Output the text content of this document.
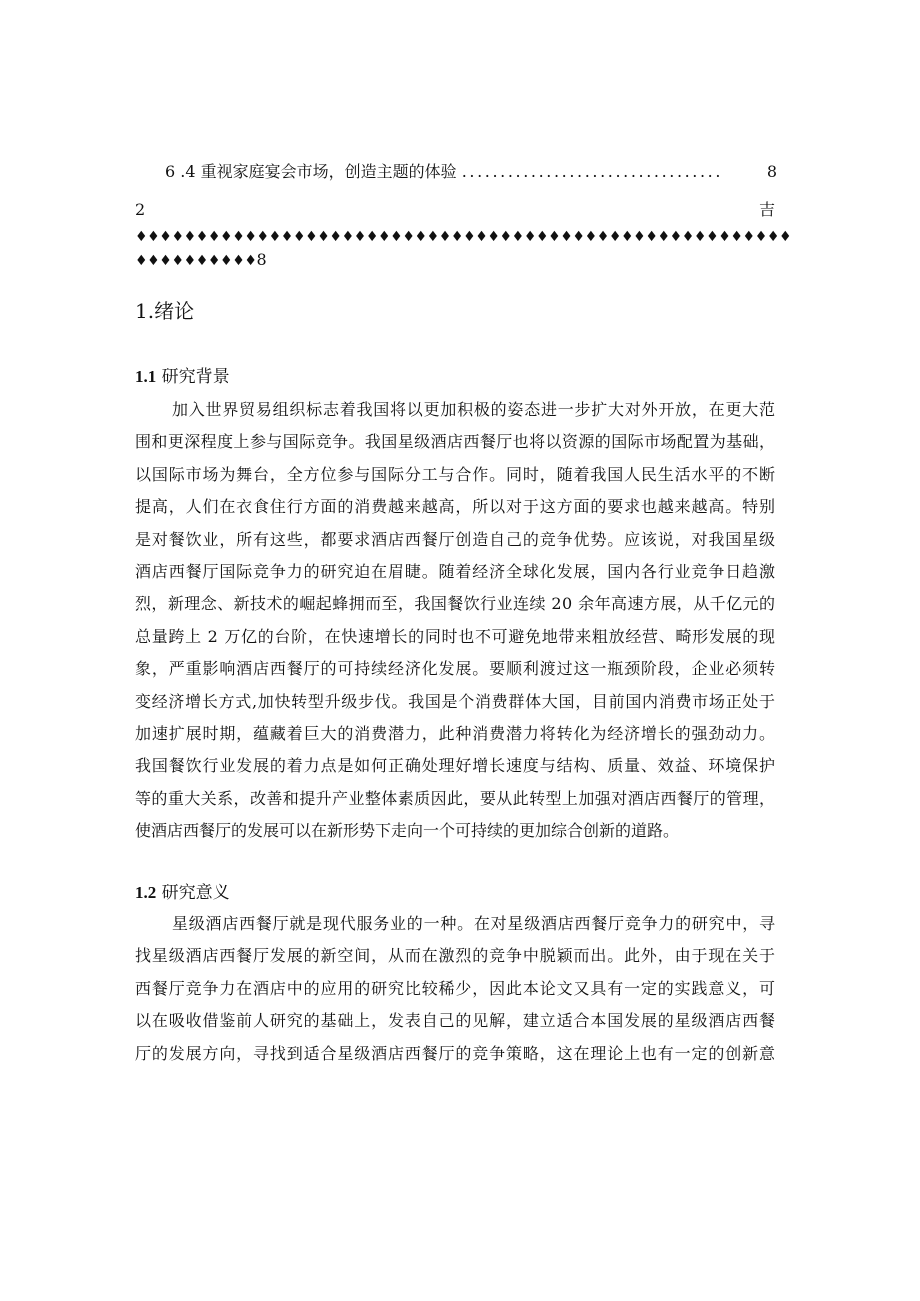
6 .4
重视家庭宴会市场，创造主题的体验
..................................	8
2	吉
♦♦♦♦♦♦♦♦♦♦♦♦♦♦♦♦♦♦♦♦♦♦♦♦♦♦♦♦♦♦♦♦♦♦♦♦♦♦♦♦♦♦♦♦♦♦♦♦♦♦♦♦♦♦
♦♦♦♦♦♦♦♦♦♦8
1.绪论
1.1 研究背景
加入世界贸易组织标志着我国将以更加积极的姿态进一步扩大对外开放，在更大范
围和更深程度上参与国际竞争。我国星级酒店西餐厅也将以资源的国际市场配置为基础，
以国际市场为舞台，全方位参与国际分工与合作。同时，随着我国人民生活水平的不断
提高，人们在衣食住行方面的消费越来越高，所以对于这方面的要求也越来越高。特别
是对餐饮业，所有这些，都要求酒店西餐厅创造自己的竞争优势。应该说，对我国星级
酒店西餐厅国际竞争力的研究迫在眉睫。随着经济全球化发展，国内各行业竞争日趋激
烈，新理念、新技术的崛起蜂拥而至，我国餐饮行业连续 20 余年高速方展，从千亿元的
总量跨上 2 万亿的台阶，在快速增长的同时也不可避免地带来粗放经营、畸形发展的现
象，严重影响酒店西餐厅的可持续经济化发展。要顺利渡过这一瓶颈阶段，企业必须转
变经济增长方式,加快转型升级步伐。我国是个消费群体大国，目前国内消费市场正处于
加速扩展时期，蕴藏着巨大的消费潜力，此种消费潜力将转化为经济增长的强劲动力。
我国餐饮行业发展的着力点是如何正确处理好增长速度与结构、质量、效益、环境保护
等的重大关系，改善和提升产业整体素质因此，要从此转型上加强对酒店西餐厅的管理，
使酒店西餐厅的发展可以在新形势下走向一个可持续的更加综合创新的道路。
1.2 研究意义
星级酒店西餐厅就是现代服务业的一种。在对星级酒店西餐厅竞争力的研究中，寻
找星级酒店西餐厅发展的新空间，从而在激烈的竞争中脱颖而出。此外，由于现在关于
西餐厅竞争力在酒店中的应用的研究比较稀少，因此本论文又具有一定的实践意义，可
以在吸收借鉴前人研究的基础上，发表自己的见解，建立适合本国发展的星级酒店西餐
厅的发展方向，寻找到适合星级酒店西餐厅的竞争策略，这在理论上也有一定的创新意
